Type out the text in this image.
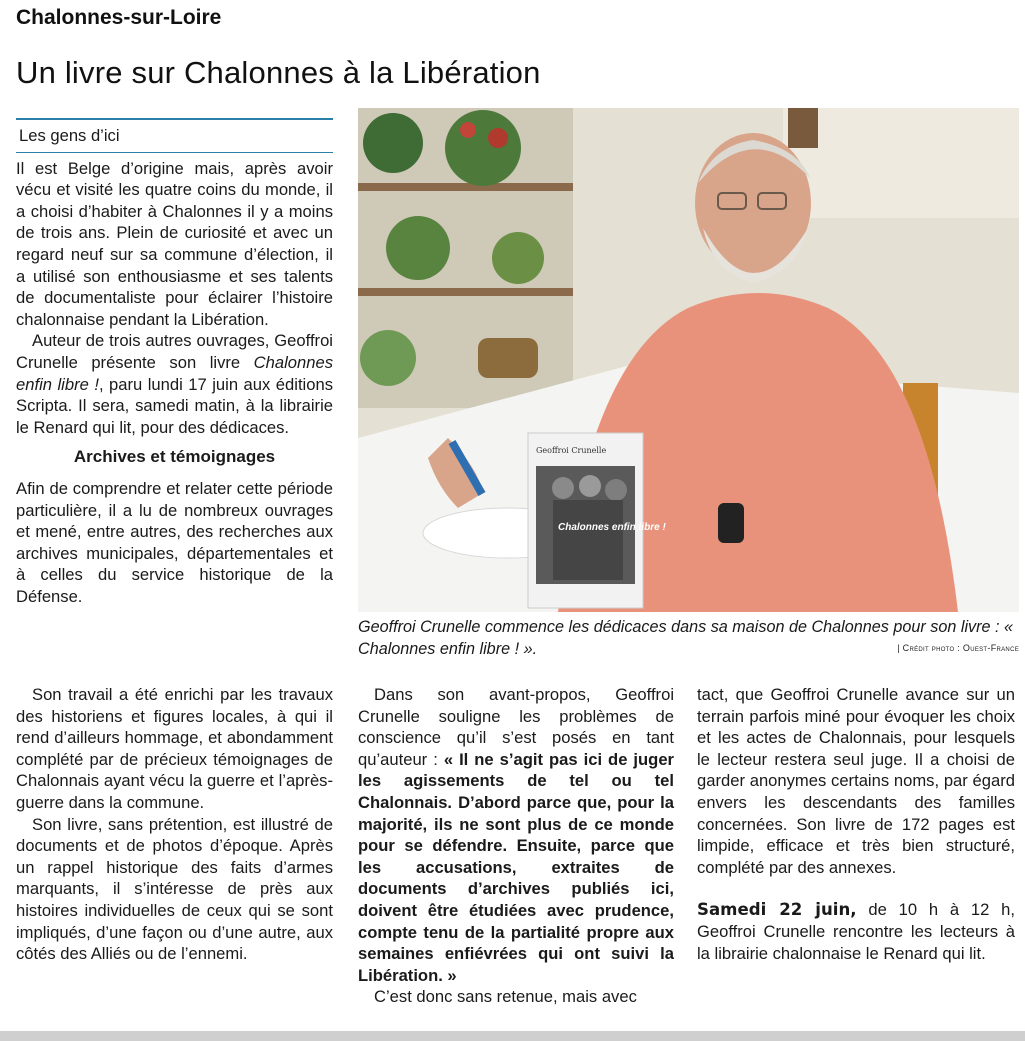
Chalonnes-sur-Loire
Un livre sur Chalonnes à la Libération
Les gens d’ici

Il est Belge d’origine mais, après avoir vécu et visité les quatre coins du monde, il a choisi d’habiter à Chalonnes il y a moins de trois ans. Plein de curiosité et avec un regard neuf sur sa commune d’élection, il a utilisé son enthousiasme et ses talents de documentaliste pour éclairer l’histoire chalonnaise pendant la Libération.

Auteur de trois autres ouvrages, Geoffroi Crunelle présente son livre Chalonnes enfin libre !, paru lundi 17 juin aux éditions Scripta. Il sera, samedi matin, à la librairie le Renard qui lit, pour des dédicaces.

Archives et témoignages

Afin de comprendre et relater cette période particulière, il a lu de nombreux ouvrages et mené, entre autres, des recherches aux archives municipales, départementales et à celles du service historique de la Défense.

Son travail a été enrichi par les travaux des historiens et figures locales, à qui il rend d’ailleurs hommage, et abondamment complété par de précieux témoignages de Chalonnais ayant vécu la guerre et l’après-guerre dans la commune.

Son livre, sans prétention, est illustré de documents et de photos d’époque. Après un rappel historique des faits d’armes marquants, il s’intéresse de près aux histoires individuelles de ceux qui se sont impliqués, d’une façon ou d’une autre, aux côtés des Alliés ou de l’ennemi.

Dans son avant-propos, Geoffroi Crunelle souligne les problèmes de conscience qu’il s’est posés en tant qu’auteur : « Il ne s’agit pas ici de juger les agissements de tel ou tel Chalonnais. D’abord parce que, pour la majorité, ils ne sont plus de ce monde pour se défendre. Ensuite, parce que les accusations, extraites de documents d’archives publiés ici, doivent être étudiées avec prudence, compte tenu de la partialité propre aux semaines enfiévrées qui ont suivi la Libération. »

C’est donc sans retenue, mais avec

tact, que Geoffroi Crunelle avance sur un terrain parfois miné pour évoquer les choix et les actes de Chalonnais, pour lesquels le lecteur restera seul juge. Il a choisi de garder anonymes certains noms, par égard envers les descendants des familles concernées. Son livre de 172 pages est limpide, efficace et très bien structuré, complété par des annexes.

Samedi 22 juin, de 10 h à 12 h, Geoffroi Crunelle rencontre les lecteurs à la librairie chalonnaise le Renard qui lit.

Geoffroi Crunelle
Chalonnes enfin libre !
Geoffroi Crunelle commence les dédicaces dans sa maison de Chalonnes pour son livre : « Chalonnes enfin libre ! ».	| Crédit photo : Ouest-France
